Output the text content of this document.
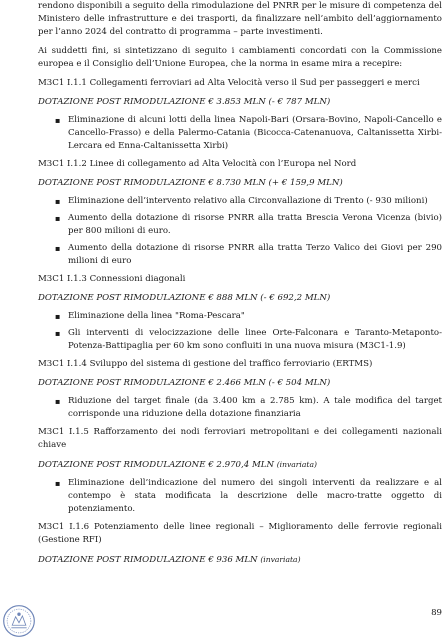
rendono disponibili a seguito della rimodulazione del PNRR per le misure di competenza del Ministero delle infrastrutture e dei trasporti, da finalizzare nell’ambito dell’aggiornamento per l’anno 2024 del contratto di programma – parte investimenti.

Ai suddetti fini, si sintetizzano di seguito i cambiamenti concordati con la Commissione europea e il Consiglio dell’Unione Europea, che la norma in esame mira a recepire:

M3C1 I.1.1 Collegamenti ferroviari ad Alta Velocità verso il Sud per passeggeri e merci

DOTAZIONE POST RIMODULAZIONE € 3.853 MLN (- € 787 MLN)

▪ Eliminazione di alcuni lotti della linea Napoli-Bari (Orsara-Bovino, Napoli-Cancello e Cancello-Frasso) e della Palermo-Catania (Bicocca-Catenanuova, Caltanissetta Xirbi-Lercara ed Enna-Caltanissetta Xirbi)

M3C1 I.1.2 Linee di collegamento ad Alta Velocità con l’Europa nel Nord

DOTAZIONE POST RIMODULAZIONE € 8.730 MLN (+ € 159,9 MLN)

▪ Eliminazione dell’intervento relativo alla Circonvallazione di Trento (- 930 milioni)
▪ Aumento della dotazione di risorse PNRR alla tratta Brescia Verona Vicenza (bivio) per 800 milioni di euro.
▪ Aumento della dotazione di risorse PNRR alla tratta Terzo Valico dei Giovi per 290 milioni di euro

M3C1 I.1.3 Connessioni diagonali

DOTAZIONE POST RIMODULAZIONE € 888 MLN (- € 692,2 MLN)

▪ Eliminazione della linea "Roma-Pescara"
▪ Gli interventi di velocizzazione delle linee Orte-Falconara e Taranto-Metaponto-Potenza-Battipaglia per 60 km sono confluiti in una nuova misura (M3C1-1.9)

M3C1 I.1.4 Sviluppo del sistema di gestione del traffico ferroviario (ERTMS)

DOTAZIONE POST RIMODULAZIONE € 2.466 MLN (- € 504 MLN)

▪ Riduzione del target finale (da 3.400 km a 2.785 km). A tale modifica del target corrisponde una riduzione della dotazione finanziaria

M3C1 I.1.5 Rafforzamento dei nodi ferroviari metropolitani e dei collegamenti nazionali chiave

DOTAZIONE POST RIMODULAZIONE € 2.970,4 MLN (invariata)

▪ Eliminazione dell’indicazione del numero dei singoli interventi da realizzare e al contempo è stata modificata la descrizione delle macro-tratte oggetto di potenziamento.

M3C1 I.1.6 Potenziamento delle linee regionali – Miglioramento delle ferrovie regionali (Gestione RFI)

DOTAZIONE POST RIMODULAZIONE € 936 MLN (invariata)

89
